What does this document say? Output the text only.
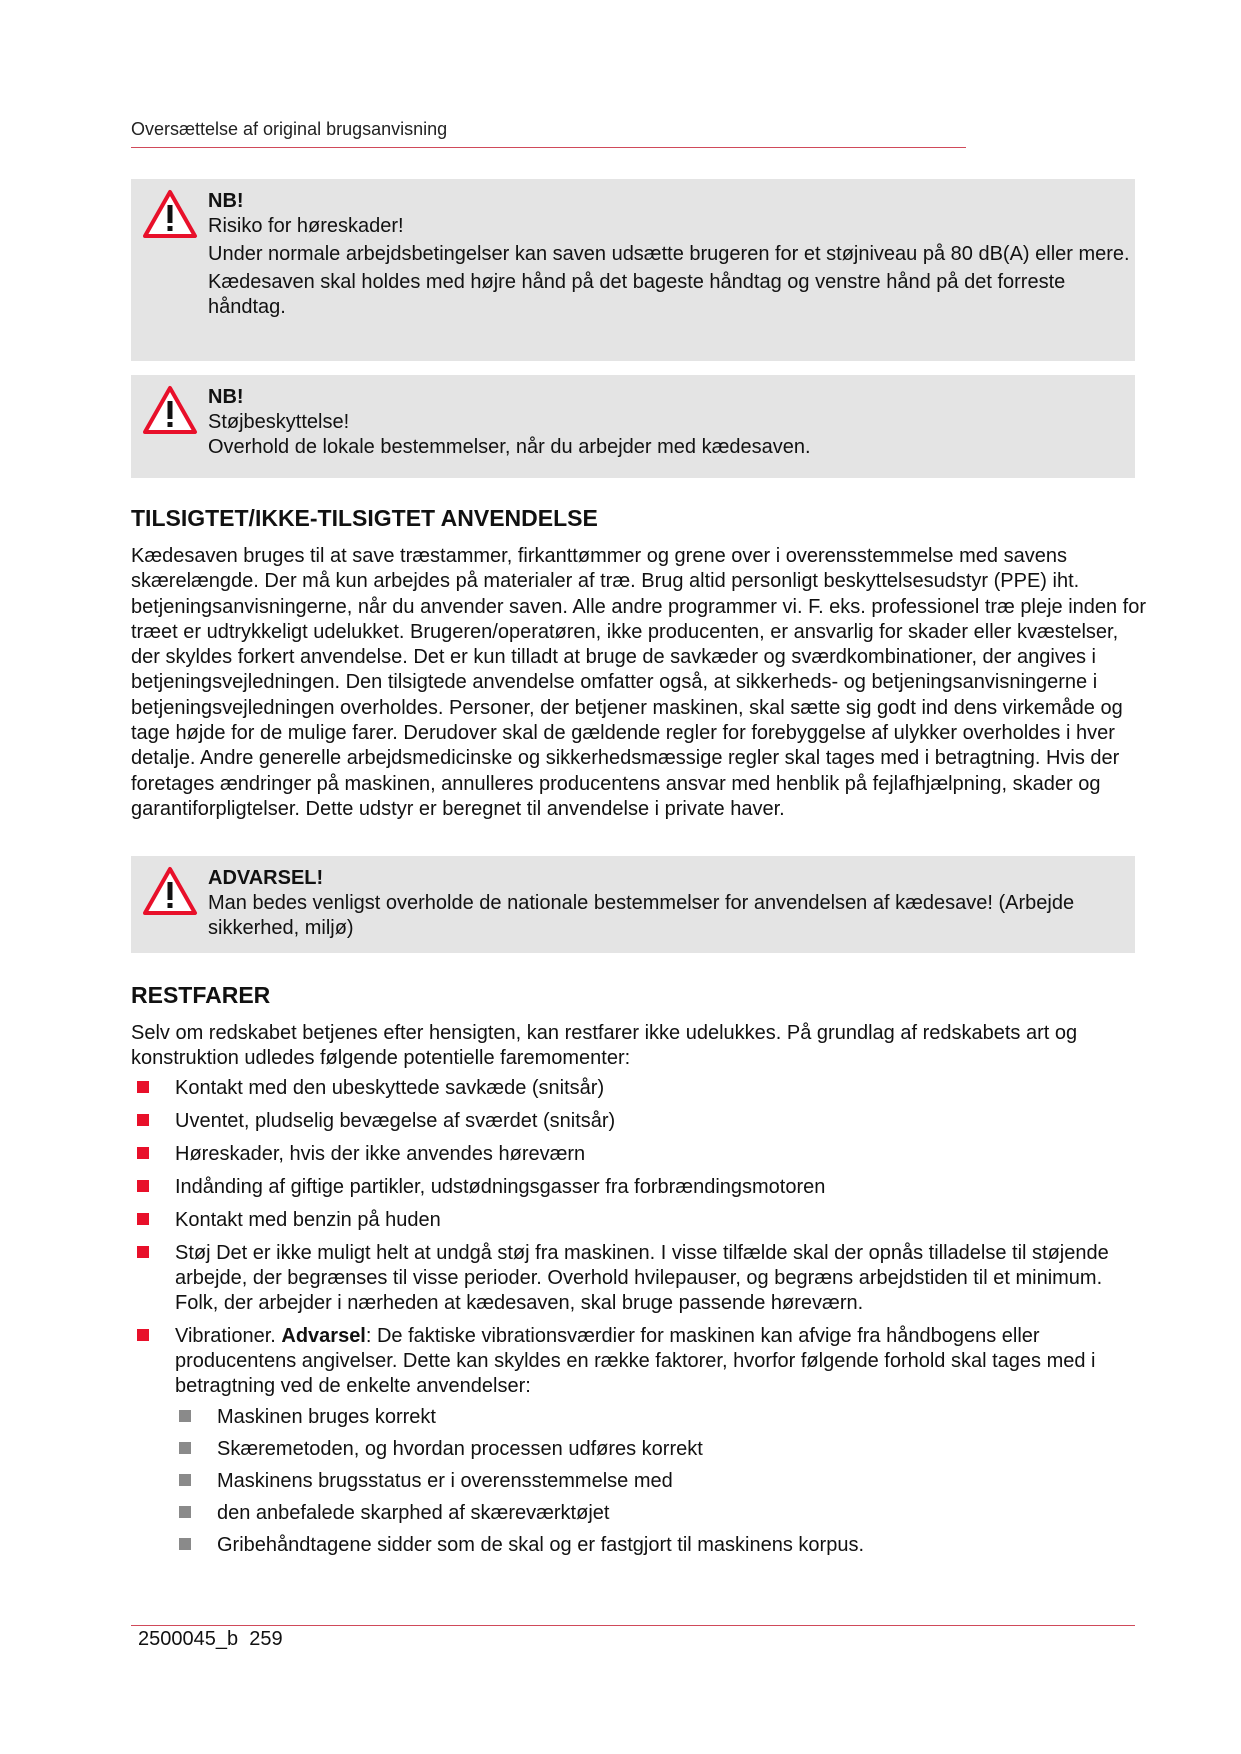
Oversættelse af original brugsanvisning
NB!
Risiko for høreskader!
Under normale arbejdsbetingelser kan saven udsætte brugeren for et støjniveau på 80 dB(A) eller mere.
Kædesaven skal holdes med højre hånd på det bageste håndtag og venstre hånd på det forreste håndtag.
NB!
Støjbeskyttelse!
Overhold de lokale bestemmelser, når du arbejder med kædesaven.
TILSIGTET/IKKE-TILSIGTET ANVENDELSE
Kædesaven bruges til at save træstammer, firkanttømmer og grene over i overensstemmelse med savens skærelængde. Der må kun arbejdes på materialer af træ. Brug altid personligt beskyttelsesudstyr (PPE) iht. betjeningsanvisningerne, når du anvender saven. Alle andre programmer vi. F. eks. professionel træ pleje inden for træet er udtrykkeligt udelukket. Brugeren/operatøren, ikke producenten, er ansvarlig for skader eller kvæstelser, der skyldes forkert anvendelse. Det er kun tilladt at bruge de savkæder og sværdkombinationer, der angives i betjeningsvejledningen. Den tilsigtede anvendelse omfatter også, at sikkerheds- og betjeningsanvisningerne i betjeningsvejledningen overholdes. Personer, der betjener maskinen, skal sætte sig godt ind dens virkemåde og tage højde for de mulige farer. Derudover skal de gældende regler for forebyggelse af ulykker overholdes i hver detalje. Andre generelle arbejdsmedicinske og sikkerhedsmæssige regler skal tages med i betragtning. Hvis der foretages ændringer på maskinen, annulleres producentens ansvar med henblik på fejlafhjælpning, skader og garantiforpligtelser. Dette udstyr er beregnet til anvendelse i private haver.
ADVARSEL!
Man bedes venligst overholde de nationale bestemmelser for anvendelsen af kædesave! (Arbejde sikkerhed, miljø)
RESTFARER
Selv om redskabet betjenes efter hensigten, kan restfarer ikke udelukkes. På grundlag af redskabets art og konstruktion udledes følgende potentielle faremomenter:
Kontakt med den ubeskyttede savkæde (snitsår)
Uventet, pludselig bevægelse af sværdet (snitsår)
Høreskader, hvis der ikke anvendes høreværn
Indånding af giftige partikler, udstødningsgasser fra forbrændingsmotoren
Kontakt med benzin på huden
Støj Det er ikke muligt helt at undgå støj fra maskinen. I visse tilfælde skal der opnås tilladelse til støjende arbejde, der begrænses til visse perioder. Overhold hvilepauser, og begræns arbejdstiden til et minimum. Folk, der arbejder i nærheden at kædesaven, skal bruge passende høreværn.
Vibrationer. Advarsel: De faktiske vibrationsværdier for maskinen kan afvige fra håndbogens eller producentens angivelser. Dette kan skyldes en række faktorer, hvorfor følgende forhold skal tages med i betragtning ved de enkelte anvendelser:
Maskinen bruges korrekt
Skæremetoden, og hvordan processen udføres korrekt
Maskinens brugsstatus er i overensstemmelse med
den anbefalede skarphed af skæreværktøjet
Gribehåndtagene sidder som de skal og er fastgjort til maskinens korpus.
2500045_b 259
